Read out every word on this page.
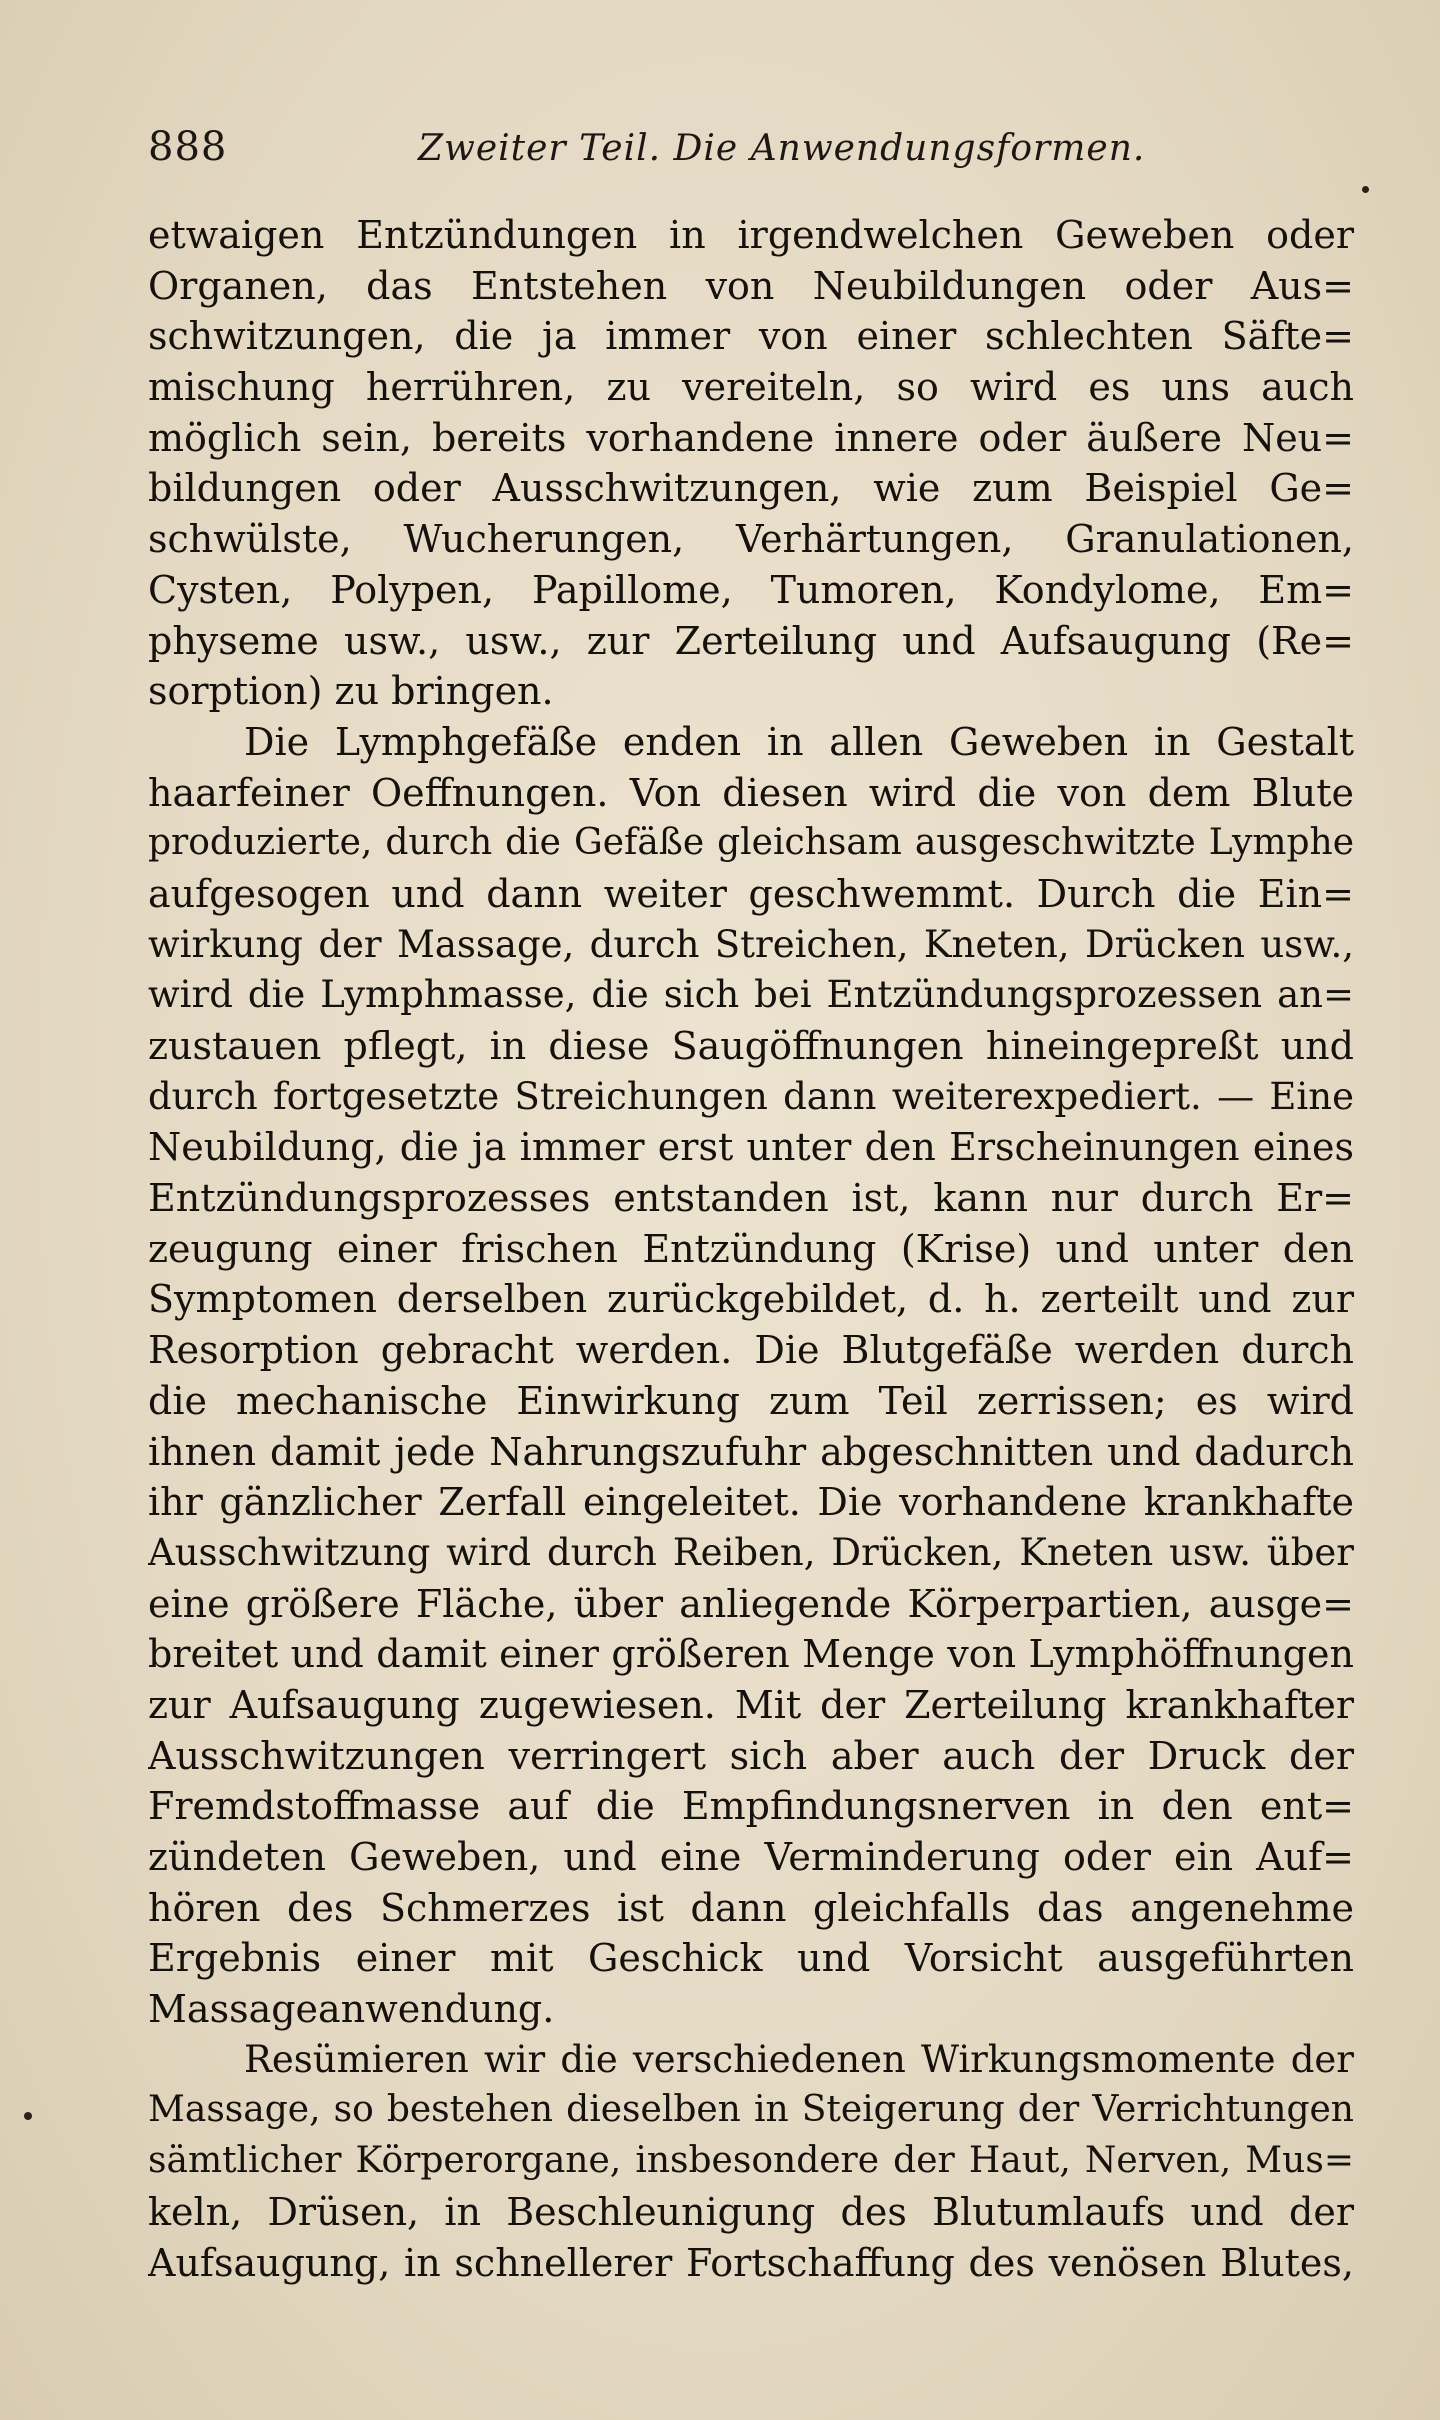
888	Zweiter Teil. Die Anwendungsformen.
etwaigen Entzündungen in irgendwelchen Geweben oder
Organen, das Entstehen von Neubildungen oder Aus=
schwitzungen, die ja immer von einer schlechten Säfte=
mischung herrühren, zu vereiteln, so wird es uns auch
möglich sein, bereits vorhandene innere oder äußere Neu=
bildungen oder Ausschwitzungen, wie zum Beispiel Ge=
schwülste, Wucherungen, Verhärtungen, Granulationen,
Cysten, Polypen, Papillome, Tumoren, Kondylome, Em=
physeme usw., usw., zur Zerteilung und Aufsaugung (Re=
sorption) zu bringen.
Die Lymphgefäße enden in allen Geweben in Gestalt
haarfeiner Oeffnungen. Von diesen wird die von dem Blute
produzierte, durch die Gefäße gleichsam ausgeschwitzte Lymphe
aufgesogen und dann weiter geschwemmt. Durch die Ein=
wirkung der Massage, durch Streichen, Kneten, Drücken usw.,
wird die Lymphmasse, die sich bei Entzündungsprozessen an=
zustauen pflegt, in diese Saugöffnungen hineingepreßt und
durch fortgesetzte Streichungen dann weiterexpediert. — Eine
Neubildung, die ja immer erst unter den Erscheinungen eines
Entzündungsprozesses entstanden ist, kann nur durch Er=
zeugung einer frischen Entzündung (Krise) und unter den
Symptomen derselben zurückgebildet, d. h. zerteilt und zur
Resorption gebracht werden. Die Blutgefäße werden durch
die mechanische Einwirkung zum Teil zerrissen; es wird
ihnen damit jede Nahrungszufuhr abgeschnitten und dadurch
ihr gänzlicher Zerfall eingeleitet. Die vorhandene krankhafte
Ausschwitzung wird durch Reiben, Drücken, Kneten usw. über
eine größere Fläche, über anliegende Körperpartien, ausge=
breitet und damit einer größeren Menge von Lymphöffnungen
zur Aufsaugung zugewiesen. Mit der Zerteilung krankhafter
Ausschwitzungen verringert sich aber auch der Druck der
Fremdstoffmasse auf die Empfindungsnerven in den ent=
zündeten Geweben, und eine Verminderung oder ein Auf=
hören des Schmerzes ist dann gleichfalls das angenehme
Ergebnis einer mit Geschick und Vorsicht ausgeführten
Massageanwendung.
Resümieren wir die verschiedenen Wirkungsmomente der
Massage, so bestehen dieselben in Steigerung der Verrichtungen
sämtlicher Körperorgane, insbesondere der Haut, Nerven, Mus=
keln, Drüsen, in Beschleunigung des Blutumlaufs und der
Aufsaugung, in schnellerer Fortschaffung des venösen Blutes,
